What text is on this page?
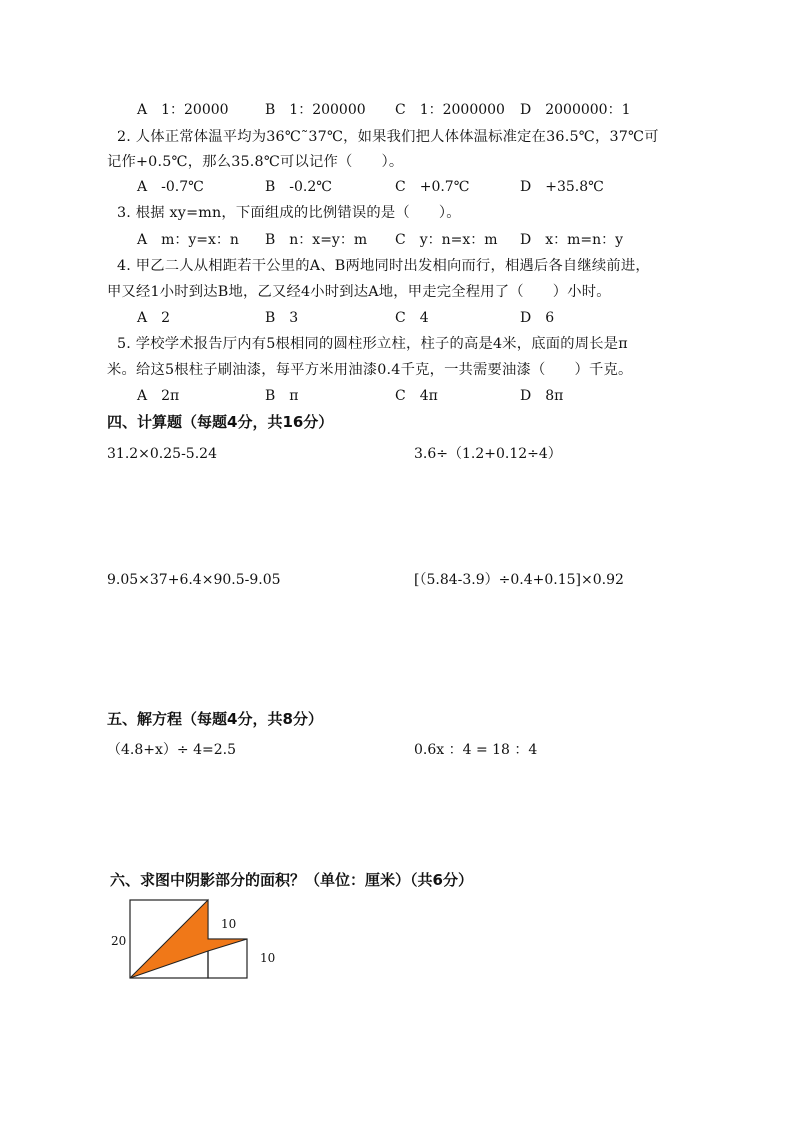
A　1：20000	B　1：200000 C　1：2000000 D　2000000：1
2. 人体正常体温平均为36℃˜37℃，如果我们把人体体温标准定在36.5℃，37℃可
记作+0.5℃，那么35.8℃可以记作（　　）。
A　-0.7℃	B　-0.2℃	C　+0.7℃	D　+35.8℃
3. 根据 xy=mn，下面组成的比例错误的是（　　）。
A　m：y=x：n B　n：x=y：m C　y：n=x：m D　x：m=n：y
4. 甲乙二人从相距若干公里的A、B两地同时出发相向而行，相遇后各自继续前进，
甲又经1小时到达B地，乙又经4小时到达A地，甲走完全程用了（　　）小时。
A　2	B　3	C　4	D　6
5. 学校学术报告厅内有5根相同的圆柱形立柱，柱子的高是4米，底面的周长是π
米。给这5根柱子刷油漆，每平方米用油漆0.4千克，一共需要油漆（　　）千克。
A　2π	B　π	C　4π	D　8π
四、计算题（每题4分，共16分）
31.2×0.25-5.24	3.6÷（1.2+0.12÷4）
9.05×37+6.4×90.5-9.05	[（5.84-3.9）÷0.4+0.15]×0.92
五、解方程（每题4分，共8分）
（4.8+x）÷ 4=2.5	0.6x ：4 = 18 ：4
六、求图中阴影部分的面积？（单位：厘米）（共6分）
20
10
10
